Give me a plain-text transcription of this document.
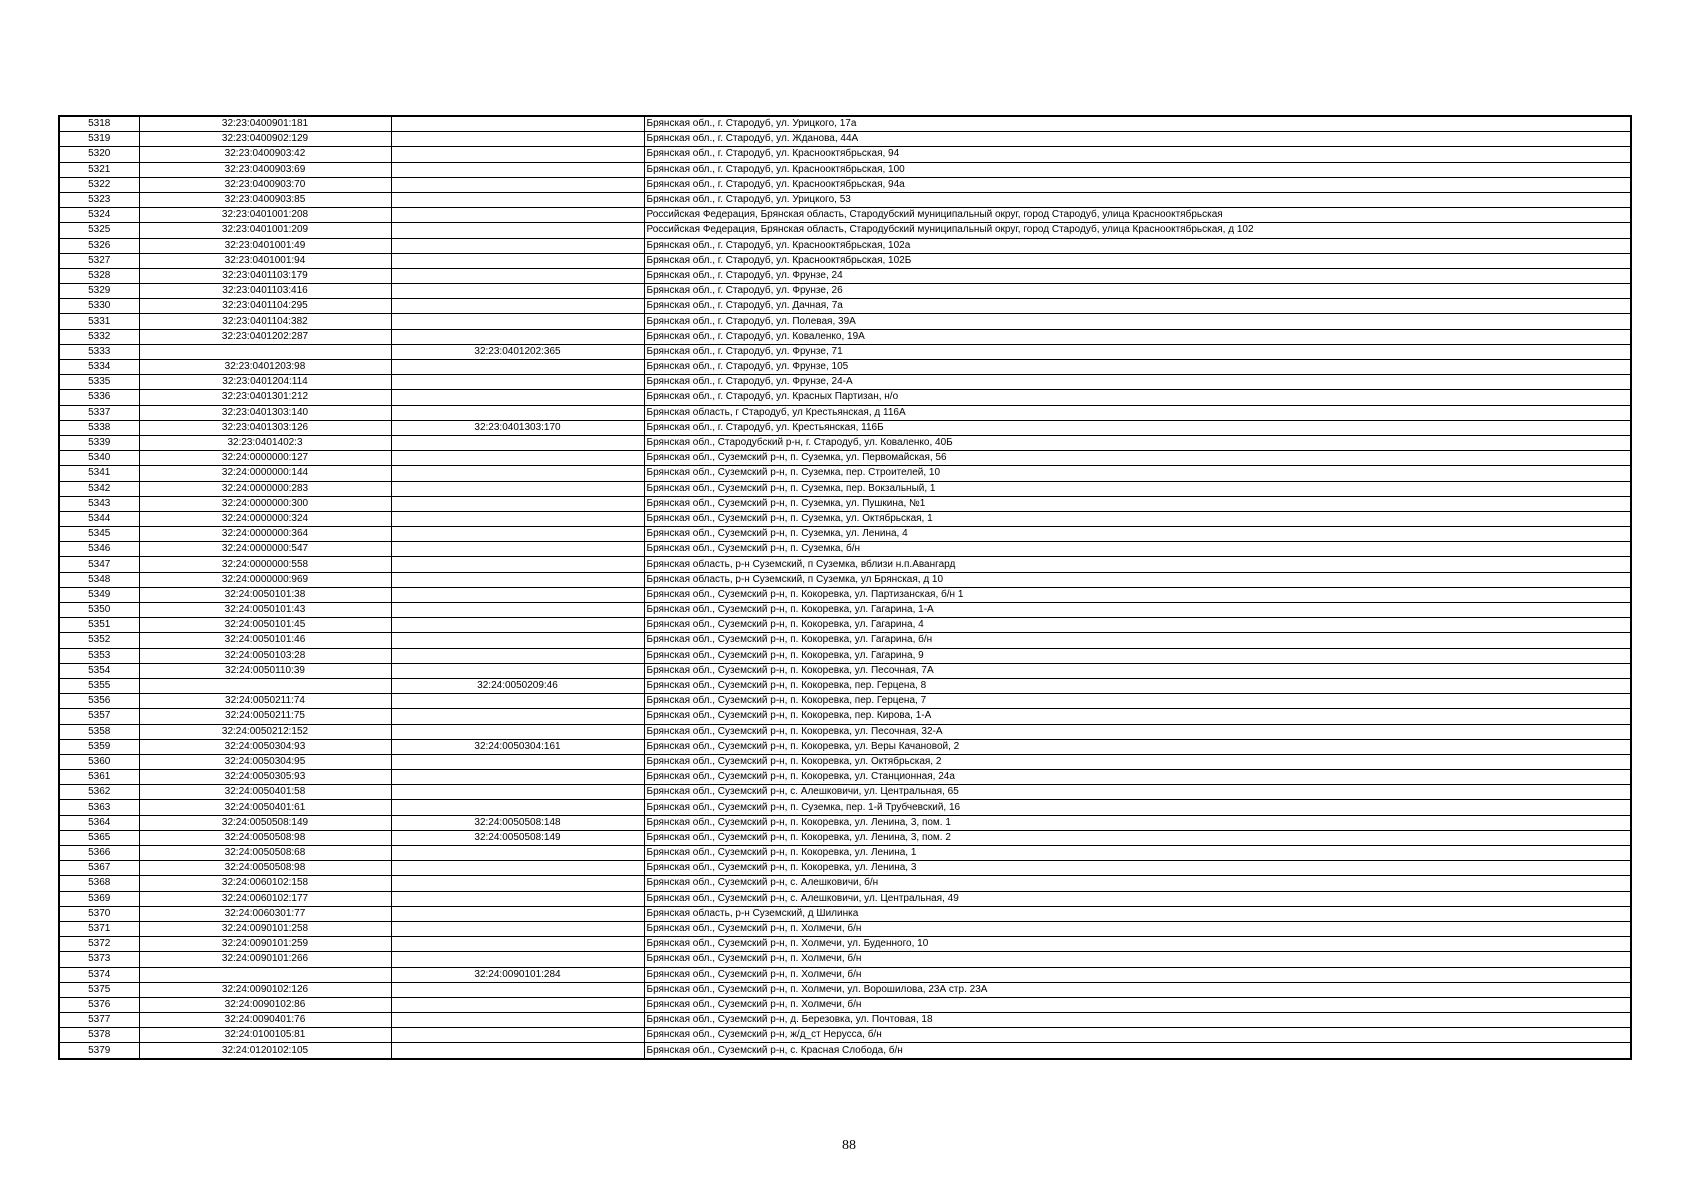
5318	32:23:0400901:181		Брянская обл., г. Стародуб, ул. Урицкого, 17а
5319	32:23:0400902:129		Брянская обл., г. Стародуб, ул. Жданова, 44А
5320	32:23:0400903:42		Брянская обл., г. Стародуб, ул. Краснооктябрьская, 94
5321	32:23:0400903:69		Брянская обл., г. Стародуб, ул. Краснооктябрьская, 100
5322	32:23:0400903:70		Брянская обл., г. Стародуб, ул. Краснооктябрьская, 94а
5323	32:23:0400903:85		Брянская обл., г. Стародуб, ул. Урицкого, 53
5324	32:23:0401001:208		Российская Федерация, Брянская область, Стародубский муниципальный округ, город Стародуб, улица Краснооктябрьская
5325	32:23:0401001:209		Российская Федерация, Брянская область, Стародубский муниципальный округ, город Стародуб, улица Краснооктябрьская, д 102
5326	32:23:0401001:49		Брянская обл., г. Стародуб, ул. Краснооктябрьская, 102а
5327	32:23:0401001:94		Брянская обл., г. Стародуб, ул. Краснооктябрьская, 102Б
5328	32:23:0401103:179		Брянская обл., г. Стародуб, ул. Фрунзе, 24
5329	32:23:0401103:416		Брянская обл., г. Стародуб, ул. Фрунзе, 26
5330	32:23:0401104:295		Брянская обл., г. Стародуб, ул. Дачная, 7а
5331	32:23:0401104:382		Брянская обл., г. Стародуб, ул. Полевая, 39А
5332	32:23:0401202:287		Брянская обл., г. Стародуб, ул. Коваленко, 19А
5333		32:23:0401202:365	Брянская обл., г. Стародуб, ул. Фрунзе, 71
5334	32:23:0401203:98		Брянская обл., г. Стародуб, ул. Фрунзе, 105
5335	32:23:0401204:114		Брянская обл., г. Стародуб, ул. Фрунзе, 24-А
5336	32:23:0401301:212		Брянская обл., г. Стародуб, ул. Красных Партизан, н/о
5337	32:23:0401303:140		Брянская область, г Стародуб, ул Крестьянская, д 116А
5338	32:23:0401303:126	32:23:0401303:170	Брянская обл., г. Стародуб, ул. Крестьянская, 116Б
5339	32:23:0401402:3		Брянская обл., Стародубский р-н, г. Стародуб, ул. Коваленко, 40Б
5340	32:24:0000000:127		Брянская обл., Суземский р-н, п. Суземка, ул. Первомайская, 56
5341	32:24:0000000:144		Брянская обл., Суземский р-н, п. Суземка, пер. Строителей, 10
5342	32:24:0000000:283		Брянская обл., Суземский р-н, п. Суземка, пер. Вокзальный, 1
5343	32:24:0000000:300		Брянская обл., Суземский р-н, п. Суземка, ул. Пушкина, №1
5344	32:24:0000000:324		Брянская обл., Суземский р-н, п. Суземка, ул. Октябрьская, 1
5345	32:24:0000000:364		Брянская обл., Суземский р-н, п. Суземка, ул. Ленина, 4
5346	32:24:0000000:547		Брянская обл., Суземский р-н, п. Суземка, б/н
5347	32:24:0000000:558		Брянская область, р-н Суземский, п Суземка, вблизи н.п.Авангард
5348	32:24:0000000:969		Брянская область, р-н Суземский, п Суземка, ул Брянская, д 10
5349	32:24:0050101:38		Брянская обл., Суземский р-н, п. Кокоревка, ул. Партизанская, б/н 1
5350	32:24:0050101:43		Брянская обл., Суземский р-н, п. Кокоревка, ул. Гагарина, 1-А
5351	32:24:0050101:45		Брянская обл., Суземский р-н, п. Кокоревка, ул. Гагарина, 4
5352	32:24:0050101:46		Брянская обл., Суземский р-н, п. Кокоревка, ул. Гагарина, б/н
5353	32:24:0050103:28		Брянская обл., Суземский р-н, п. Кокоревка, ул. Гагарина, 9
5354	32:24:0050110:39		Брянская обл., Суземский р-н, п. Кокоревка, ул. Песочная, 7А
5355		32:24:0050209:46	Брянская обл., Суземский р-н, п. Кокоревка, пер. Герцена, 8
5356	32:24:0050211:74		Брянская обл., Суземский р-н, п. Кокоревка, пер. Герцена, 7
5357	32:24:0050211:75		Брянская обл., Суземский р-н, п. Кокоревка, пер. Кирова, 1-А
5358	32:24:0050212:152		Брянская обл., Суземский р-н, п. Кокоревка, ул. Песочная, 32-А
5359	32:24:0050304:93	32:24:0050304:161	Брянская обл., Суземский р-н, п. Кокоревка, ул. Веры Качановой, 2
5360	32:24:0050304:95		Брянская обл., Суземский р-н, п. Кокоревка, ул. Октябрьская, 2
5361	32:24:0050305:93		Брянская обл., Суземский р-н, п. Кокоревка, ул. Станционная, 24а
5362	32:24:0050401:58		Брянская обл., Суземский р-н, с. Алешковичи, ул. Центральная, 65
5363	32:24:0050401:61		Брянская обл., Суземский р-н, п. Суземка, пер. 1-й Трубчевский, 16
5364	32:24:0050508:149	32:24:0050508:148	Брянская обл., Суземский р-н, п. Кокоревка, ул. Ленина, 3, пом. 1
5365	32:24:0050508:98	32:24:0050508:149	Брянская обл., Суземский р-н, п. Кокоревка, ул. Ленина, 3, пом. 2
5366	32:24:0050508:68		Брянская обл., Суземский р-н, п. Кокоревка, ул. Ленина, 1
5367	32:24:0050508:98		Брянская обл., Суземский р-н, п. Кокоревка, ул. Ленина, 3
5368	32:24:0060102:158		Брянская обл., Суземский р-н, с. Алешковичи, б/н
5369	32:24:0060102:177		Брянская обл., Суземский р-н, с. Алешковичи, ул. Центральная, 49
5370	32:24:0060301:77		Брянская область, р-н Суземский, д Шилинка
5371	32:24:0090101:258		Брянская обл., Суземский р-н, п. Холмечи, б/н
5372	32:24:0090101:259		Брянская обл., Суземский р-н, п. Холмечи, ул. Буденного, 10
5373	32:24:0090101:266		Брянская обл., Суземский р-н, п. Холмечи, б/н
5374		32:24:0090101:284	Брянская обл., Суземский р-н, п. Холмечи, б/н
5375	32:24:0090102:126		Брянская обл., Суземский р-н, п. Холмечи, ул. Ворошилова, 23А стр. 23А
5376	32:24:0090102:86		Брянская обл., Суземский р-н, п. Холмечи, б/н
5377	32:24:0090401:76		Брянская обл., Суземский р-н, д. Березовка, ул. Почтовая, 18
5378	32:24:0100105:81		Брянская обл., Суземский р-н, ж/д_ст Нерусса, б/н
5379	32:24:0120102:105		Брянская обл., Суземский р-н, с. Красная Слобода, б/н
88
